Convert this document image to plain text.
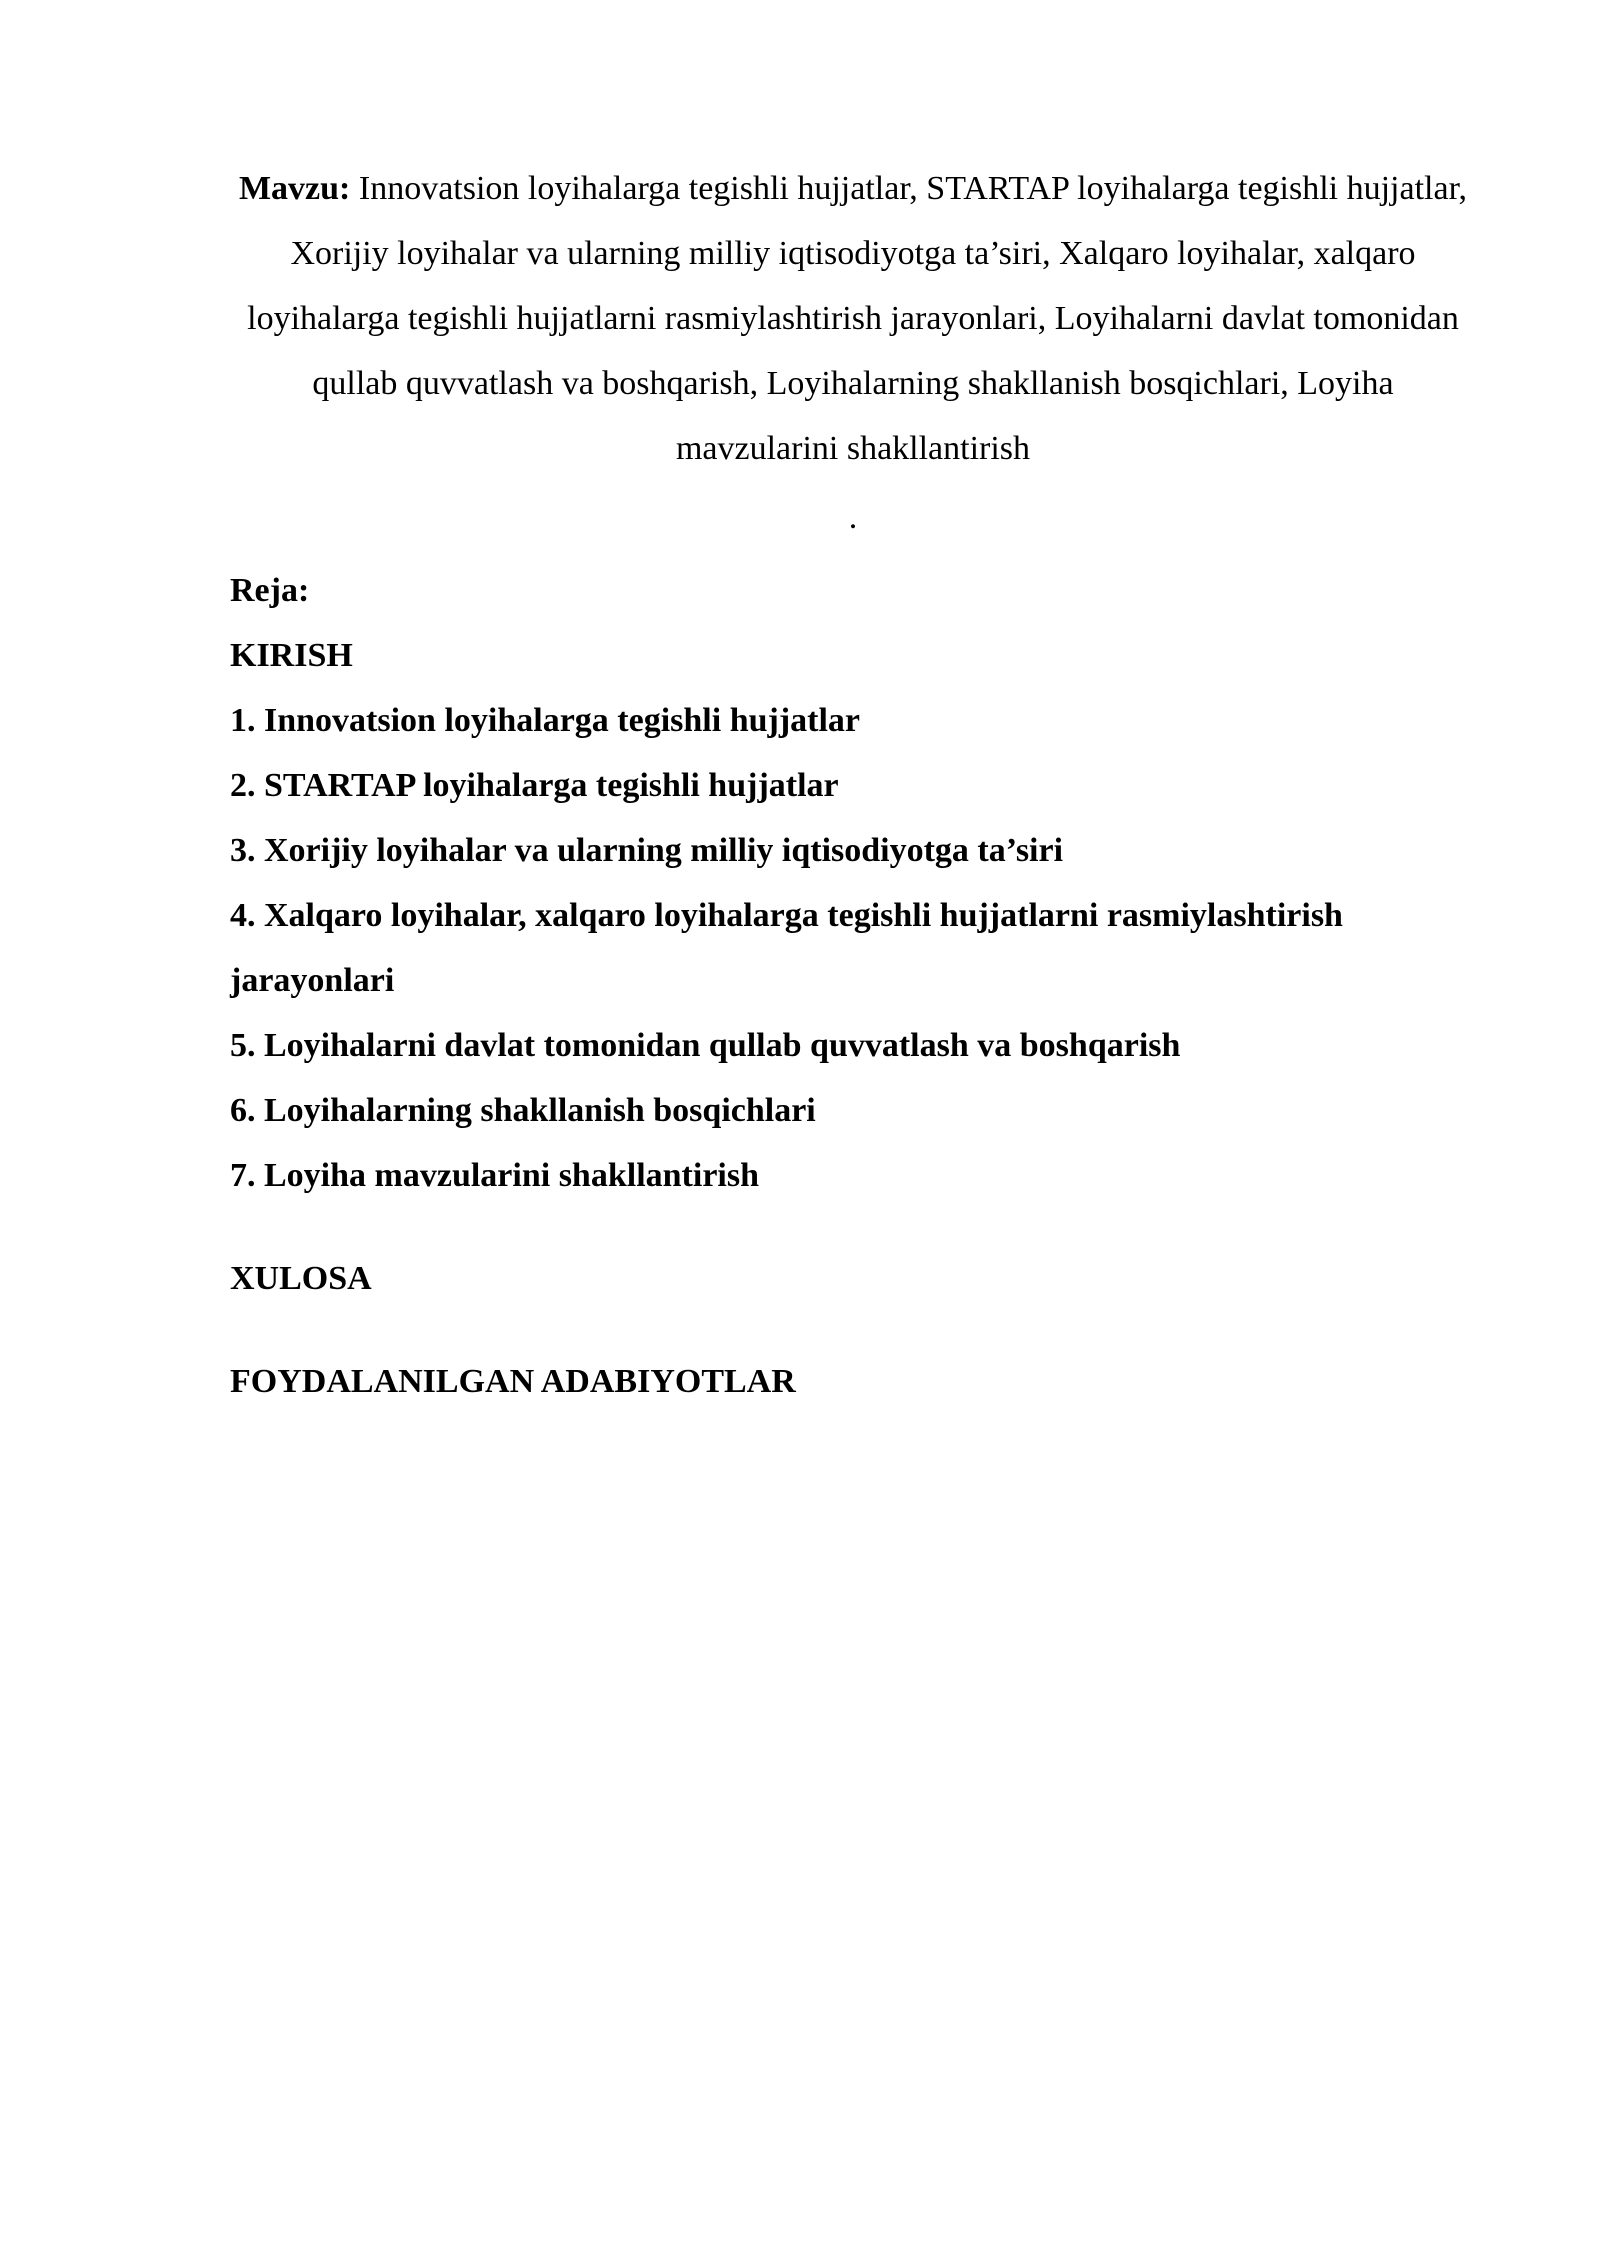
Mavzu: Innovatsion loyihalarga tegishli hujjatlar, STARTAP loyihalarga tegishli hujjatlar, Xorijiy loyihalar va ularning milliy iqtisodiyotga ta’siri, Xalqaro loyihalar, xalqaro loyihalarga tegishli hujjatlarni rasmiylashtirish jarayonlari, Loyihalarni davlat tomonidan qullab quvvatlash va boshqarish, Loyihalarning shakllanish bosqichlari, Loyiha mavzularini shakllantirish

.

Reja:

KIRISH

1. Innovatsion loyihalarga tegishli hujjatlar

2. STARTAP loyihalarga tegishli hujjatlar

3. Xorijiy loyihalar va ularning milliy iqtisodiyotga ta’siri

4. Xalqaro loyihalar, xalqaro loyihalarga tegishli hujjatlarni rasmiylashtirish jarayonlari

5. Loyihalarni davlat tomonidan qullab quvvatlash va boshqarish

6. Loyihalarning shakllanish bosqichlari

7. Loyiha mavzularini shakllantirish

XULOSA

FOYDALANILGAN ADABIYOTLAR
